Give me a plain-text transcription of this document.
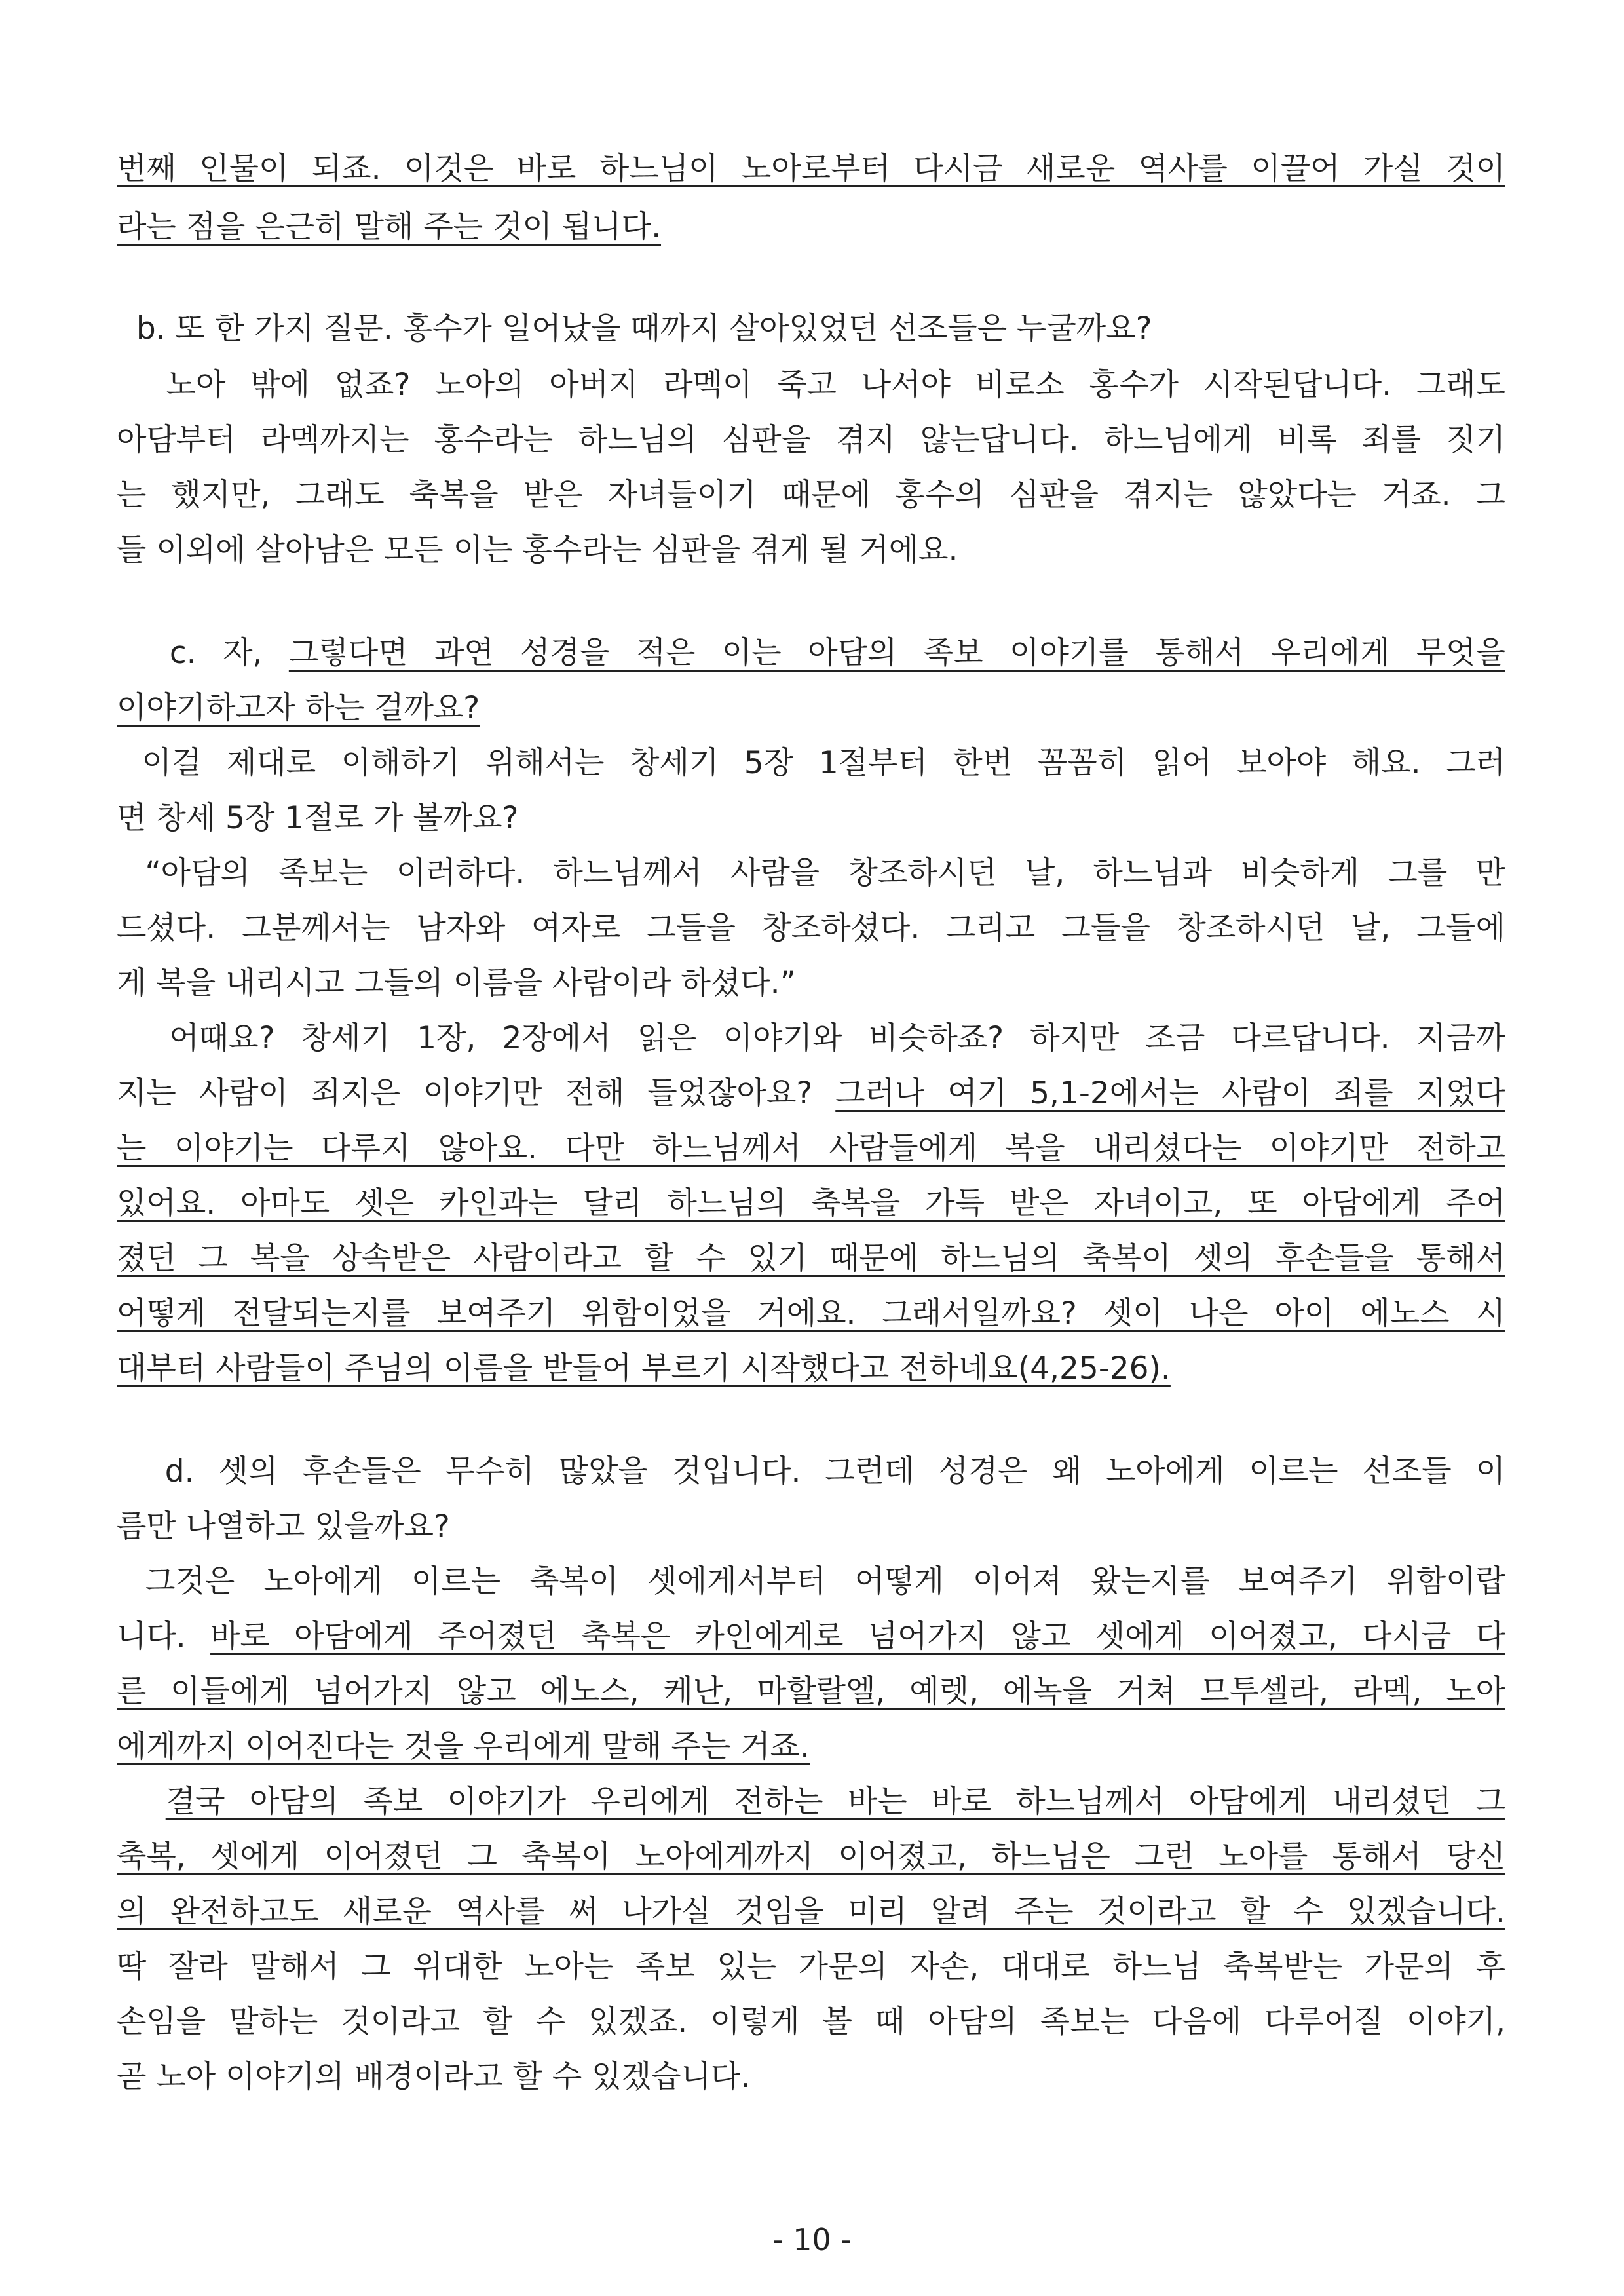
번째 인물이 되죠. 이것은 바로 하느님이 노아로부터 다시금 새로운 역사를 이끌어 가실 것이
라는 점을 은근히 말해 주는 것이 됩니다.
b. 또 한 가지 질문. 홍수가 일어났을 때까지 살아있었던 선조들은 누굴까요?
노아 밖에 없죠? 노아의 아버지 라멕이 죽고 나서야 비로소 홍수가 시작된답니다. 그래도
아담부터 라멕까지는 홍수라는 하느님의 심판을 겪지 않는답니다. 하느님에게 비록 죄를 짓기
는 했지만, 그래도 축복을 받은 자녀들이기 때문에 홍수의 심판을 겪지는 않았다는 거죠. 그
들 이외에 살아남은 모든 이는 홍수라는 심판을 겪게 될 거에요.
c. 자, 그렇다면 과연 성경을 적은 이는 아담의 족보 이야기를 통해서 우리에게 무엇을
이야기하고자 하는 걸까요?
이걸 제대로 이해하기 위해서는 창세기 5장 1절부터 한번 꼼꼼히 읽어 보아야 해요. 그러
면 창세 5장 1절로 가 볼까요?
“아담의 족보는 이러하다. 하느님께서 사람을 창조하시던 날, 하느님과 비슷하게 그를 만
드셨다. 그분께서는 남자와 여자로 그들을 창조하셨다. 그리고 그들을 창조하시던 날, 그들에
게 복을 내리시고 그들의 이름을 사람이라 하셨다.”
어때요? 창세기 1장, 2장에서 읽은 이야기와 비슷하죠? 하지만 조금 다르답니다. 지금까
지는 사람이 죄지은 이야기만 전해 들었잖아요? 그러나 여기 5,1-2에서는 사람이 죄를 지었다
는 이야기는 다루지 않아요. 다만 하느님께서 사람들에게 복을 내리셨다는 이야기만 전하고
있어요. 아마도 셋은 카인과는 달리 하느님의 축복을 가득 받은 자녀이고, 또 아담에게 주어
졌던 그 복을 상속받은 사람이라고 할 수 있기 때문에 하느님의 축복이 셋의 후손들을 통해서
어떻게 전달되는지를 보여주기 위함이었을 거에요. 그래서일까요? 셋이 나은 아이 에노스 시
대부터 사람들이 주님의 이름을 받들어 부르기 시작했다고 전하네요(4,25-26).
d. 셋의 후손들은 무수히 많았을 것입니다. 그런데 성경은 왜 노아에게 이르는 선조들 이
름만 나열하고 있을까요?
그것은 노아에게 이르는 축복이 셋에게서부터 어떻게 이어져 왔는지를 보여주기 위함이랍
니다. 바로 아담에게 주어졌던 축복은 카인에게로 넘어가지 않고 셋에게 이어졌고, 다시금 다
른 이들에게 넘어가지 않고 에노스, 케난, 마할랄엘, 예렛, 에녹을 거쳐 므투셀라, 라멕, 노아
에게까지 이어진다는 것을 우리에게 말해 주는 거죠.
결국 아담의 족보 이야기가 우리에게 전하는 바는 바로 하느님께서 아담에게 내리셨던 그
축복, 셋에게 이어졌던 그 축복이 노아에게까지 이어졌고, 하느님은 그런 노아를 통해서 당신
의 완전하고도 새로운 역사를 써 나가실 것임을 미리 알려 주는 것이라고 할 수 있겠습니다.
딱 잘라 말해서 그 위대한 노아는 족보 있는 가문의 자손, 대대로 하느님 축복받는 가문의 후
손임을 말하는 것이라고 할 수 있겠죠. 이렇게 볼 때 아담의 족보는 다음에 다루어질 이야기,
곧 노아 이야기의 배경이라고 할 수 있겠습니다.
- 10 -
